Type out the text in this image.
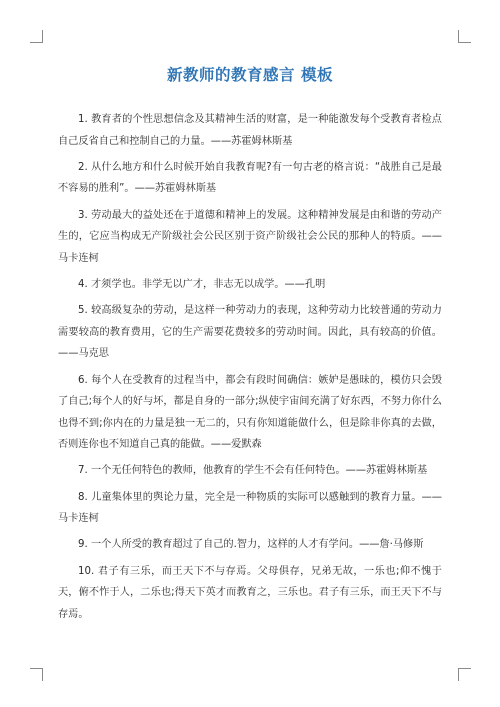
新教师的教育感言 模板

1. 教育者的个性思想信念及其精神生活的财富，是一种能激发每个受教育者检点自己反省自己和控制自己的力量。——苏霍姆林斯基

2. 从什么地方和什么时候开始自我教育呢?有一句古老的格言说：“战胜自己是最不容易的胜利”。——苏霍姆林斯基

3. 劳动最大的益处还在于道德和精神上的发展。这种精神发展是由和谐的劳动产生的，它应当构成无产阶级社会公民区别于资产阶级社会公民的那种人的特质。——马卡连柯

4. 才须学也。非学无以广才，非志无以成学。——孔明

5. 较高级复杂的劳动，是这样一种劳动力的表现，这种劳动力比较普通的劳动力需要较高的教育费用，它的生产需要花费较多的劳动时间。因此，具有较高的价值。——马克思

6. 每个人在受教育的过程当中，都会有段时间确信：嫉妒是愚昧的，模仿只会毁了自己;每个人的好与坏，都是自身的一部分;纵使宇宙间充满了好东西，不努力你什么也得不到;你内在的力量是独一无二的，只有你知道能做什么，但是除非你真的去做，否则连你也不知道自己真的能做。——爱默森

7. 一个无任何特色的教师，他教育的学生不会有任何特色。——苏霍姆林斯基

8. 儿童集体里的舆论力量，完全是一种物质的实际可以感触到的教育力量。——马卡连柯

9. 一个人所受的教育超过了自己的.智力，这样的人才有学问。——詹·马修斯

10. 君子有三乐，而王天下不与存焉。父母俱存，兄弟无故，一乐也;仰不愧于天，俯不怍于人，二乐也;得天下英才而教育之，三乐也。君子有三乐，而王天下不与存焉。
